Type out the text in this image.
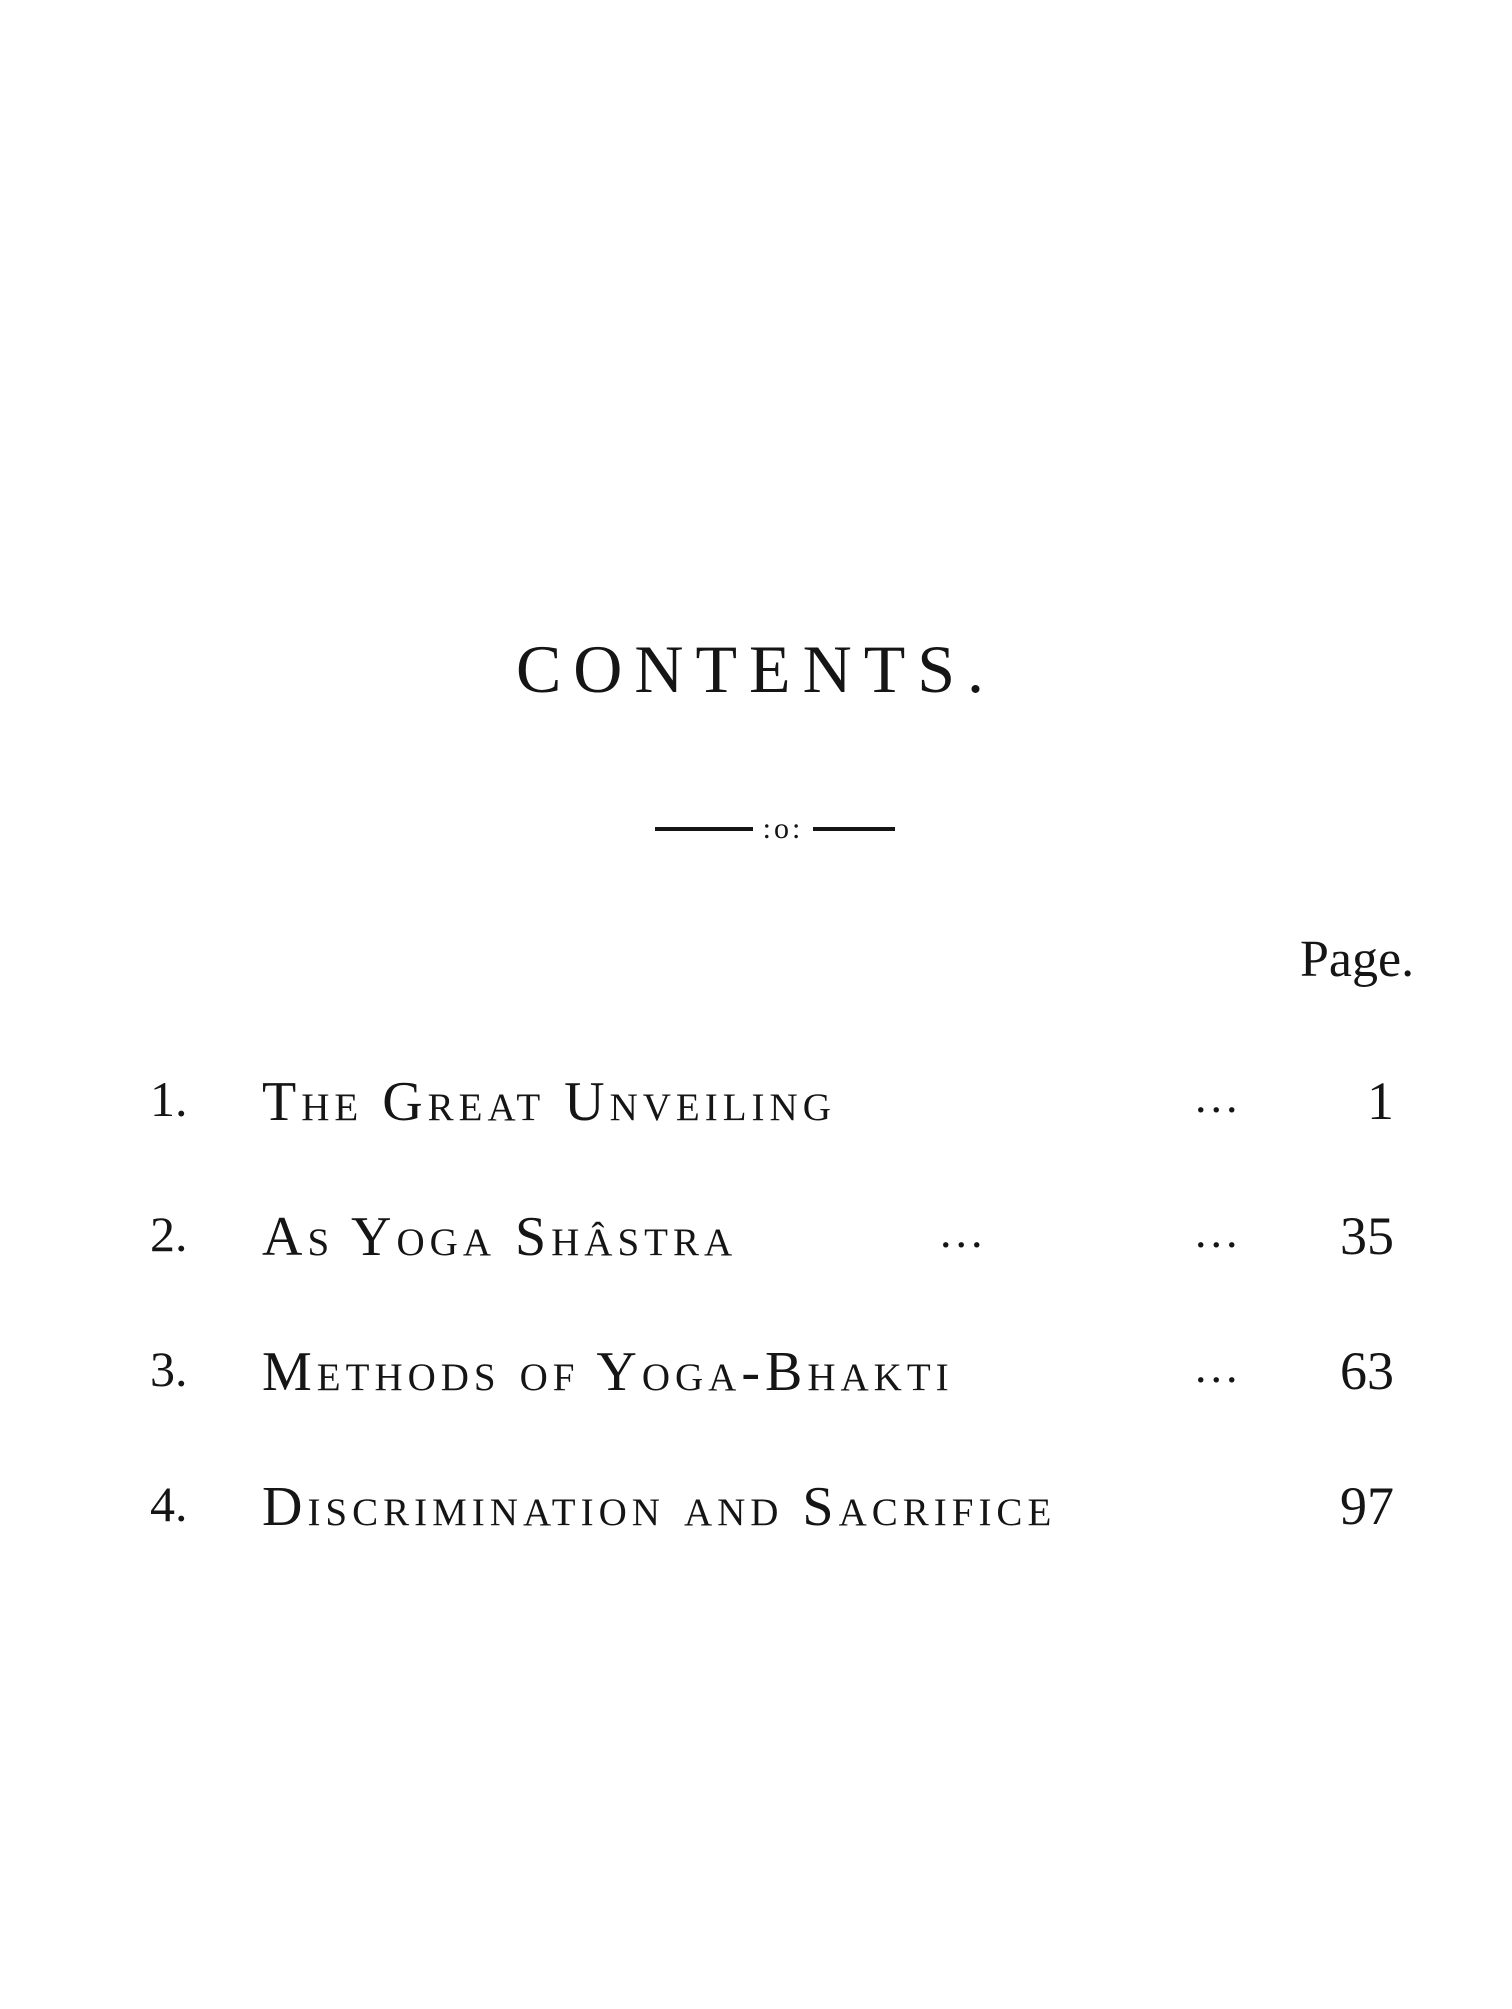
CONTENTS.
:o:
Page.
1. The Great Unveiling	...	1
2. As Yoga Shâstra	...	...	35
3. Methods of Yoga-Bhakti	...	63
4. Discrimination and Sacrifice	97
